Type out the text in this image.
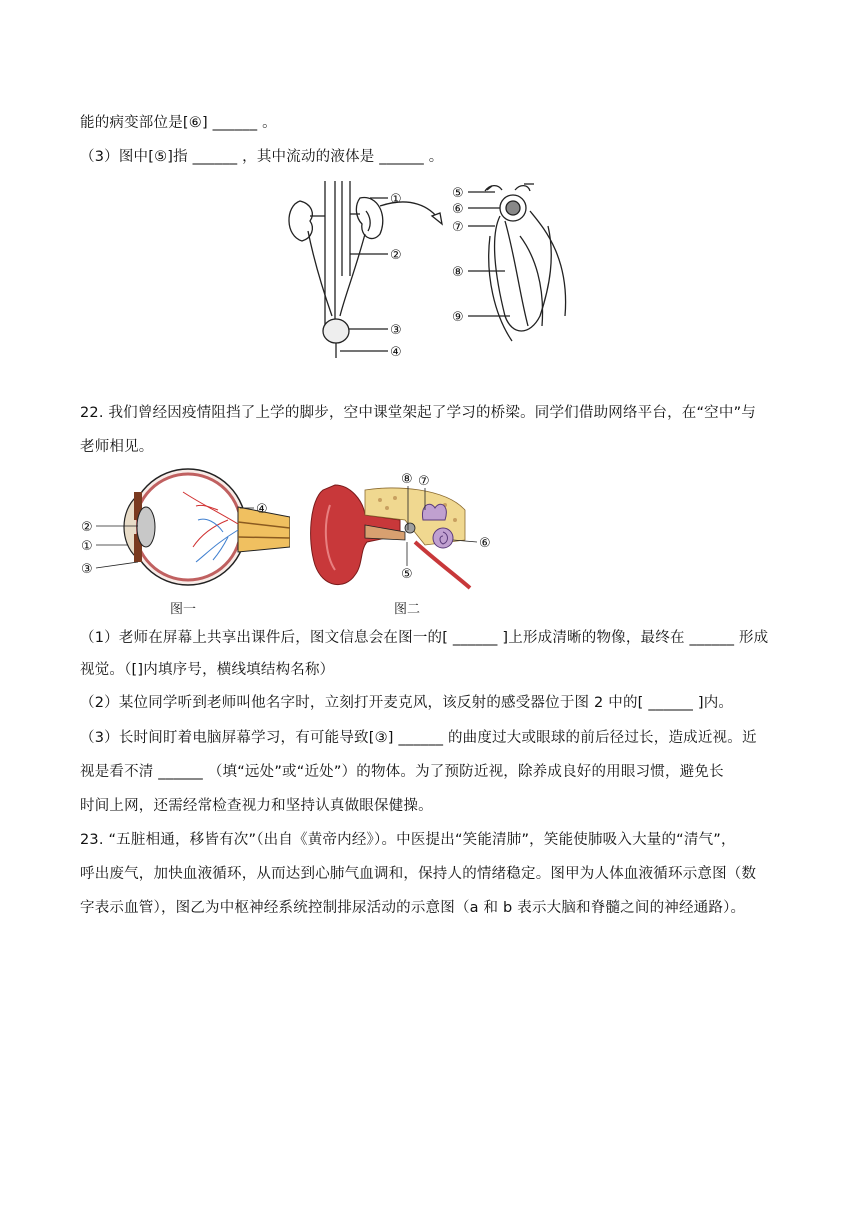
能的病变部位是[⑥] ______ 。
（3）图中[⑤]指 ______ ，其中流动的液体是 ______ 。
①
②
③
④
⑤
⑥
⑦
⑧
⑨
22. 我们曾经因疫情阻挡了上学的脚步，空中课堂架起了学习的桥梁。同学们借助网络平台，在“空中”与
老师相见。
②
①
③
④
图一
⑧ ⑦
⑥
⑤
图二
（1）老师在屏幕上共享出课件后，图文信息会在图一的[ ______ ]上形成清晰的物像，最终在 ______ 形成
视觉。（[]内填序号，横线填结构名称）
（2）某位同学听到老师叫他名字时，立刻打开麦克风，该反射的感受器位于图 2 中的[ ______ ]内。
（3）长时间盯着电脑屏幕学习，有可能导致[③] ______ 的曲度过大或眼球的前后径过长，造成近视。近
视是看不清 ______ （填“远处”或“近处”）的物体。为了预防近视，除养成良好的用眼习惯，避免长
时间上网，还需经常检查视力和坚持认真做眼保健操。
23. “五脏相通，移皆有次”（出自《黄帝内经》）。中医提出“笑能清肺”，笑能使肺吸入大量的“清气”，
呼出废气，加快血液循环，从而达到心肺气血调和，保持人的情绪稳定。图甲为人体血液循环示意图（数
字表示血管），图乙为中枢神经系统控制排尿活动的示意图（a 和 b 表示大脑和脊髓之间的神经通路）。
